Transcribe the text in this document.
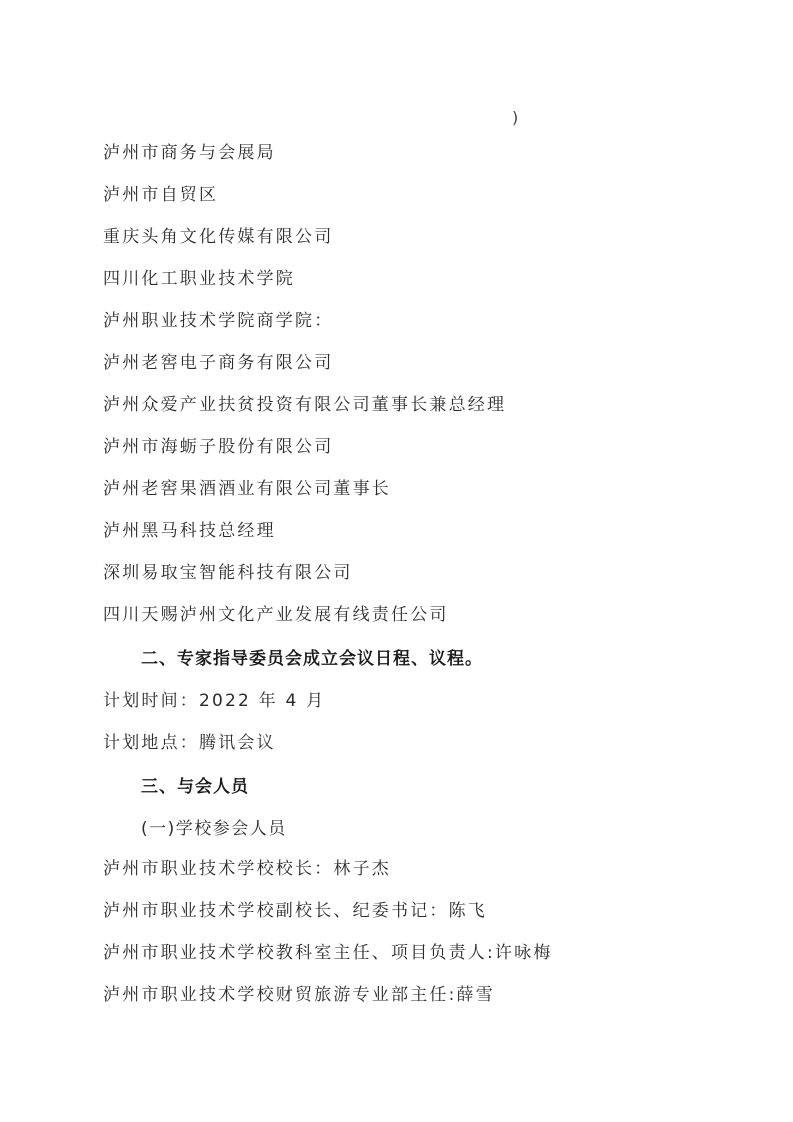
)
泸州市商务与会展局
泸州市自贸区
重庆头角文化传媒有限公司
四川化工职业技术学院
泸州职业技术学院商学院：
泸州老窖电子商务有限公司
泸州众爱产业扶贫投资有限公司董事长兼总经理
泸州市海蛎子股份有限公司
泸州老窖果酒酒业有限公司董事长
泸州黑马科技总经理
深圳易取宝智能科技有限公司
四川天赐泸州文化产业发展有线责任公司
二、专家指导委员会成立会议日程、议程。
计划时间：2022 年 4 月
计划地点：腾讯会议
三、与会人员
(一)学校参会人员
泸州市职业技术学校校长：林子杰
泸州市职业技术学校副校长、纪委书记：陈飞
泸州市职业技术学校教科室主任、项目负责人:许咏梅
泸州市职业技术学校财贸旅游专业部主任:薛雪
